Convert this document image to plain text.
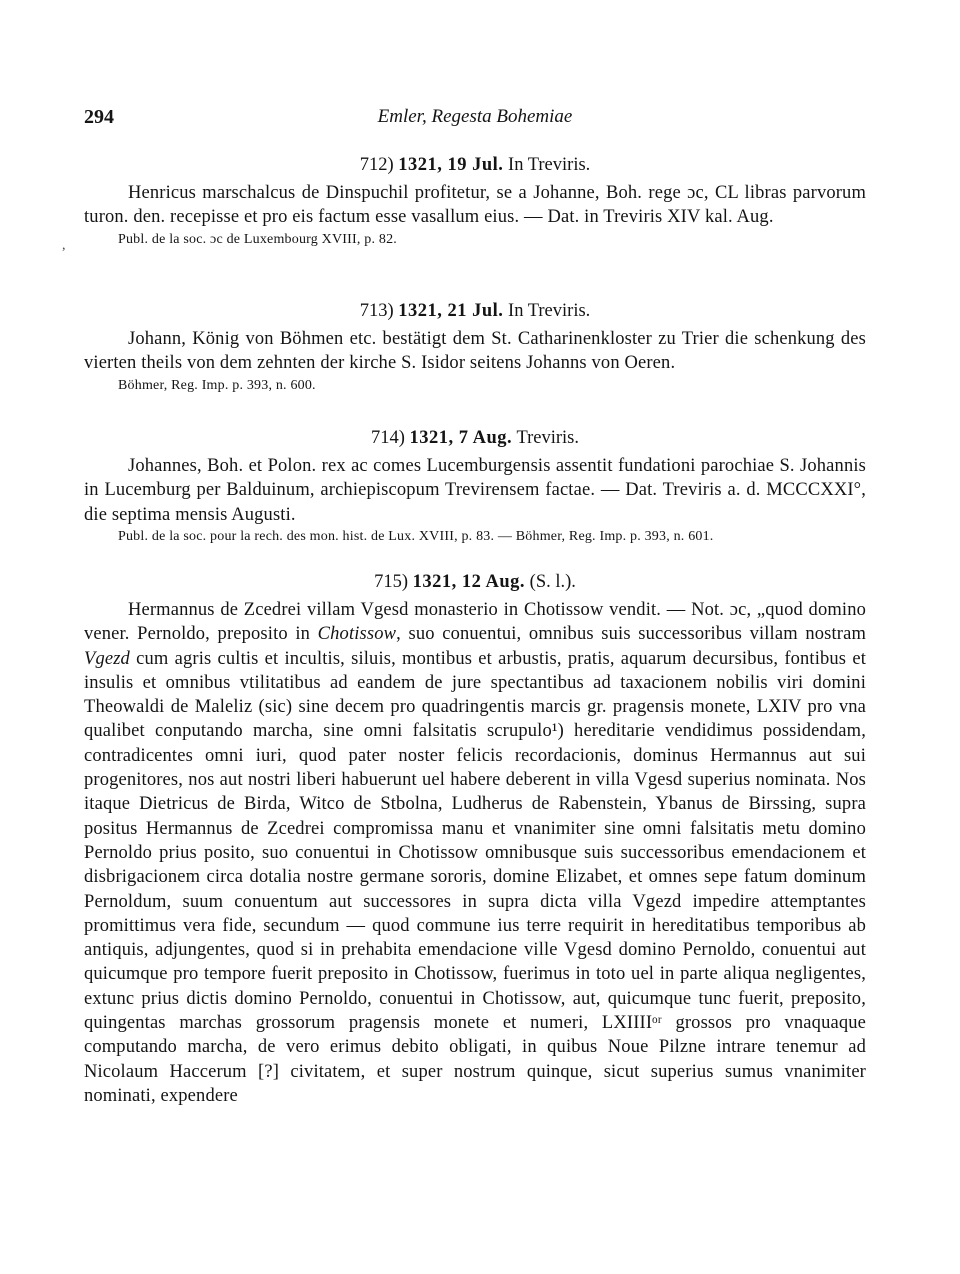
294	Emler, Regesta Bohemiae
,

712) 1321, 19 Jul. In Treviris.

Henricus marschalcus de Dinspuchil profitetur, se a Johanne, Boh. rege ɔc, CL libras parvorum turon. den. recepisse et pro eis factum esse vasallum eius. — Dat. in Treviris XIV kal. Aug.

Publ. de la soc. ɔc de Luxembourg XVIII, p. 82.

713) 1321, 21 Jul. In Treviris.

Johann, König von Böhmen etc. bestätigt dem St. Catharinenkloster zu Trier die schenkung des vierten theils von dem zehnten der kirche S. Isidor seitens Johanns von Oeren.

Böhmer, Reg. Imp. p. 393, n. 600.

714) 1321, 7 Aug. Treviris.

Johannes, Boh. et Polon. rex ac comes Lucemburgensis assentit fundationi parochiae S. Johannis in Lucemburg per Balduinum, archiepiscopum Trevirensem factae. — Dat. Treviris a. d. MCCCXXI°, die septima mensis Augusti.

Publ. de la soc. pour la rech. des mon. hist. de Lux. XVIII, p. 83. — Böhmer, Reg. Imp. p. 393, n. 601.

715) 1321, 12 Aug. (S. l.).

Hermannus de Zcedrei villam Vgesd monasterio in Chotissow vendit. — Not. ɔc, „quod domino vener. Pernoldo, preposito in Chotissow, suo conuentui, omnibus suis successoribus villam nostram Vgezd cum agris cultis et incultis, siluis, montibus et arbustis, pratis, aquarum decursibus, fontibus et insulis et omnibus vtilitatibus ad eandem de jure spectantibus ad taxacionem nobilis viri domini Theowaldi de Maleliz (sic) sine decem pro quadringentis marcis gr. pragensis monete, LXIV pro vna qualibet conputando marcha, sine omni falsitatis scrupulo¹) hereditarie vendidimus possidendam, contradicentes omni iuri, quod pater noster felicis recordacionis, dominus Hermannus aut sui progenitores, nos aut nostri liberi habuerunt uel habere deberent in villa Vgesd superius nominata. Nos itaque Dietricus de Birda, Witco de Stbolna, Ludherus de Rabenstein, Ybanus de Birssing, supra positus Hermannus de Zcedrei compromissa manu et vnanimiter sine omni falsitatis metu domino Pernoldo prius posito, suo conuentui in Chotissow omnibusque suis successoribus emendacionem et disbrigacionem circa dotalia nostre germane sororis, domine Elizabet, et omnes sepe fatum dominum Pernoldum, suum conuentum aut successores in supra dicta villa Vgezd impedire attemptantes promittimus vera fide, secundum — quod commune ius terre requirit in hereditatibus temporibus ab antiquis, adjungentes, quod si in prehabita emendacione ville Vgesd domino Pernoldo, conuentui aut quicumque pro tempore fuerit preposito in Chotissow, fuerimus in toto uel in parte aliqua negligentes, extunc prius dictis domino Pernoldo, conuentui in Chotissow, aut, quicumque tunc fuerit, preposito, quingentas marchas grossorum pragensis monete et numeri, LXIIIIᵒʳ grossos pro vnaquaque computando marcha, de vero erimus debito obligati, in quibus Noue Pilzne intrare tenemur ad Nicolaum Haccerum [?] civitatem, et super nostrum quinque, sicut superius sumus vnanimiter nominati, expendere
